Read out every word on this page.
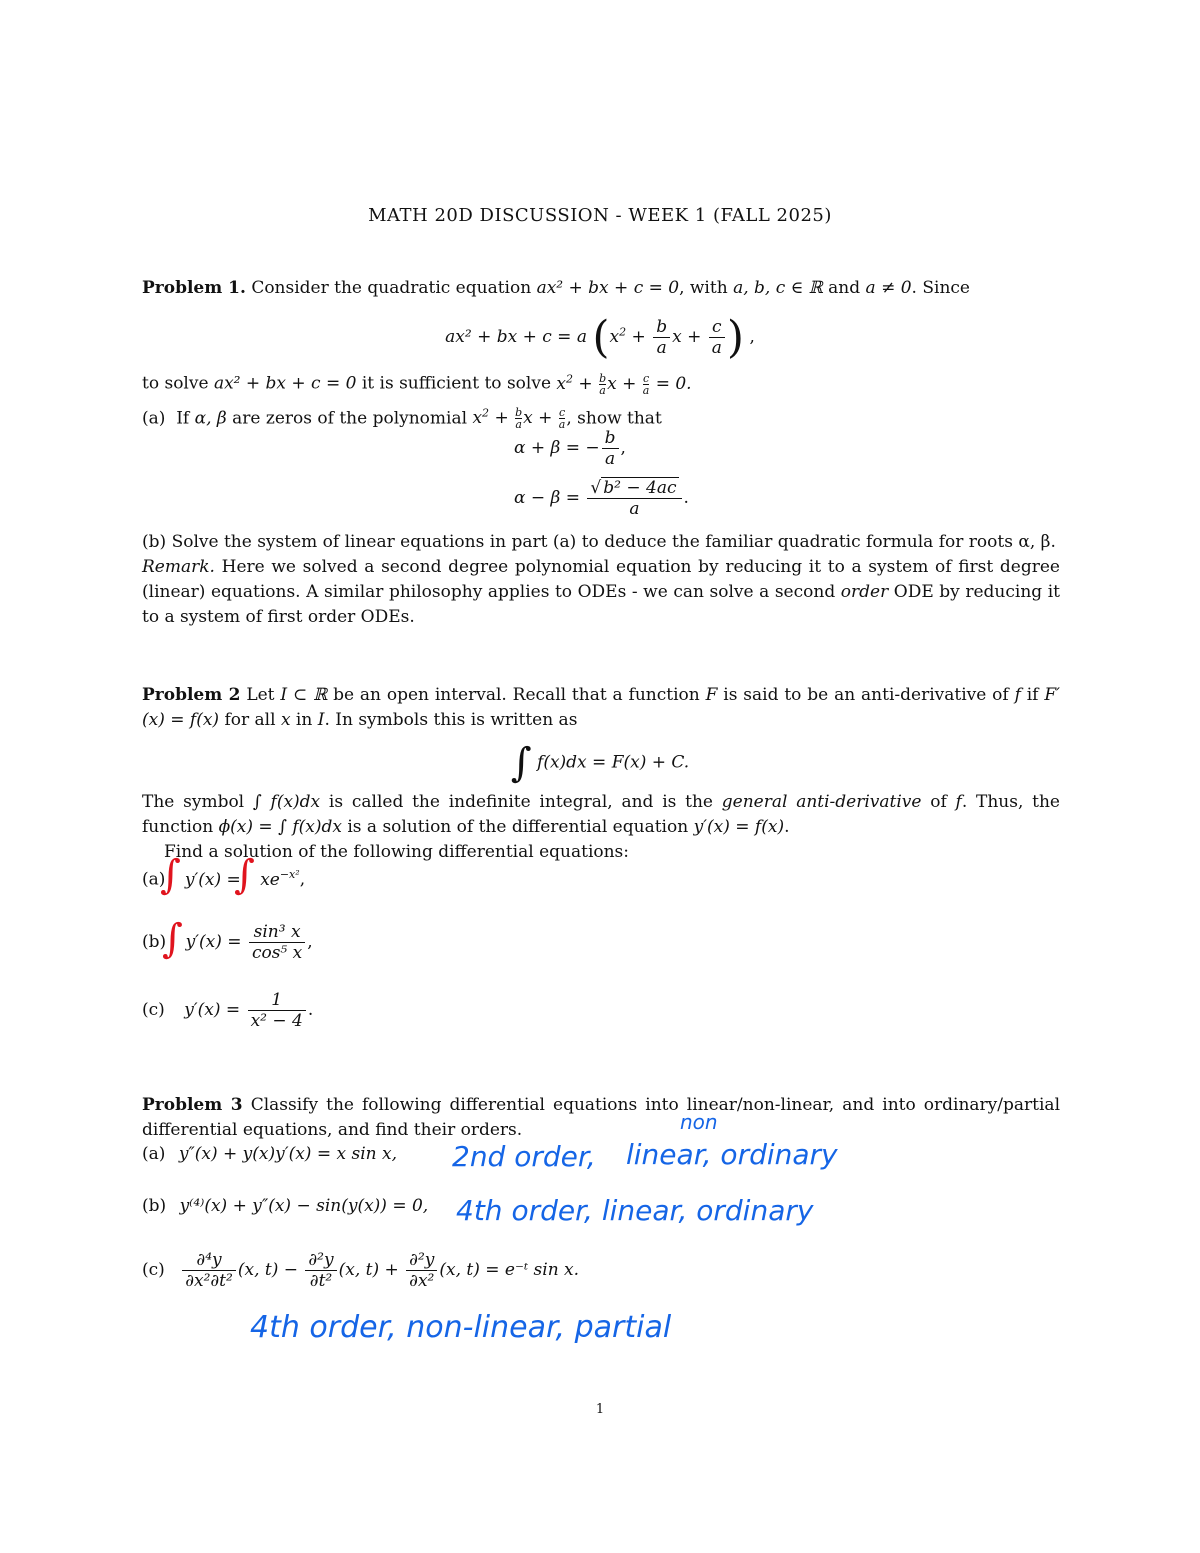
MATH 20D DISCUSSION - WEEK 1 (FALL 2025)

Problem 1. Consider the quadratic equation ax² + bx + c = 0, with a, b, c ∈ ℝ and a ≠ 0. Since

ax² + bx + c = a ($x^2 + \frac{b}{a}$ $x + \frac{c}{a}$ ) ,

to solve ax² + bx + c = 0 it is sufficient to solve $x^2 + \frac{b}{a}$ $x + \frac{c}{a} = 0$.

(a) If α, β are zeros of the polynomial $x^2 + \frac{b}{a}$ $x + \frac{c}{a}$ , show that

α + β = − $\frac{b}{a}$ ,
$\alpha - \beta = \frac{\text{√ b² − 4ac}}{a}$ .

(b) Solve the system of linear equations in part (a) to deduce the familiar quadratic formula for roots α, β.

Remark. Here we solved a second degree polynomial equation by reducing it to a system of first degree (linear) equations. A similar philosophy applies to ODEs - we can solve a second order ODE by reducing it to a system of first order ODEs.

Problem 2 Let I ⊂ ℝ be an open interval. Recall that a function F is said to be an anti-derivative of f if F′(x) = f(x) for all x in I. In symbols this is written as

∫ f(x)dx = F(x) + C.

The symbol ∫ f(x)dx is called the indefinite integral, and is the general anti-derivative of f. Thus, the function ϕ(x) = ∫ f(x)dx is a solution of the differential equation y′(x) = f(x).

Find a solution of the following differential equations:

(a) $y'(x) = xe^{-x^2}$,
∫ ∫
(b) $y'(x) = \frac{\text{sin³ x}}{\text{cos⁵ x}}$ ,
∫
(c) $y'(x) = \frac{1}{\text{x² − 4}}$ .

Problem 3 Classify the following differential equations into linear/non-linear, and into ordinary/partial differential equations, and find their orders.

(a) y″(x) + y(x)y′(x) = x sin x,
(b) y⁽⁴⁾(x) + y″(x) − sin(y(x)) = 0,
$(c) \frac{\text{∂⁴y}}{\text{∂x²∂t²}} (x$, $t) - \frac{\text{∂²y}}{\text{∂t²}} (x$, $t) + \frac{\text{∂²y}}{\text{∂x²}} (x$, t) = e⁻ᵗ sin x.
2nd order,
non
linear, ordinary
4th order, linear, ordinary
4th order, non-linear, partial
1
